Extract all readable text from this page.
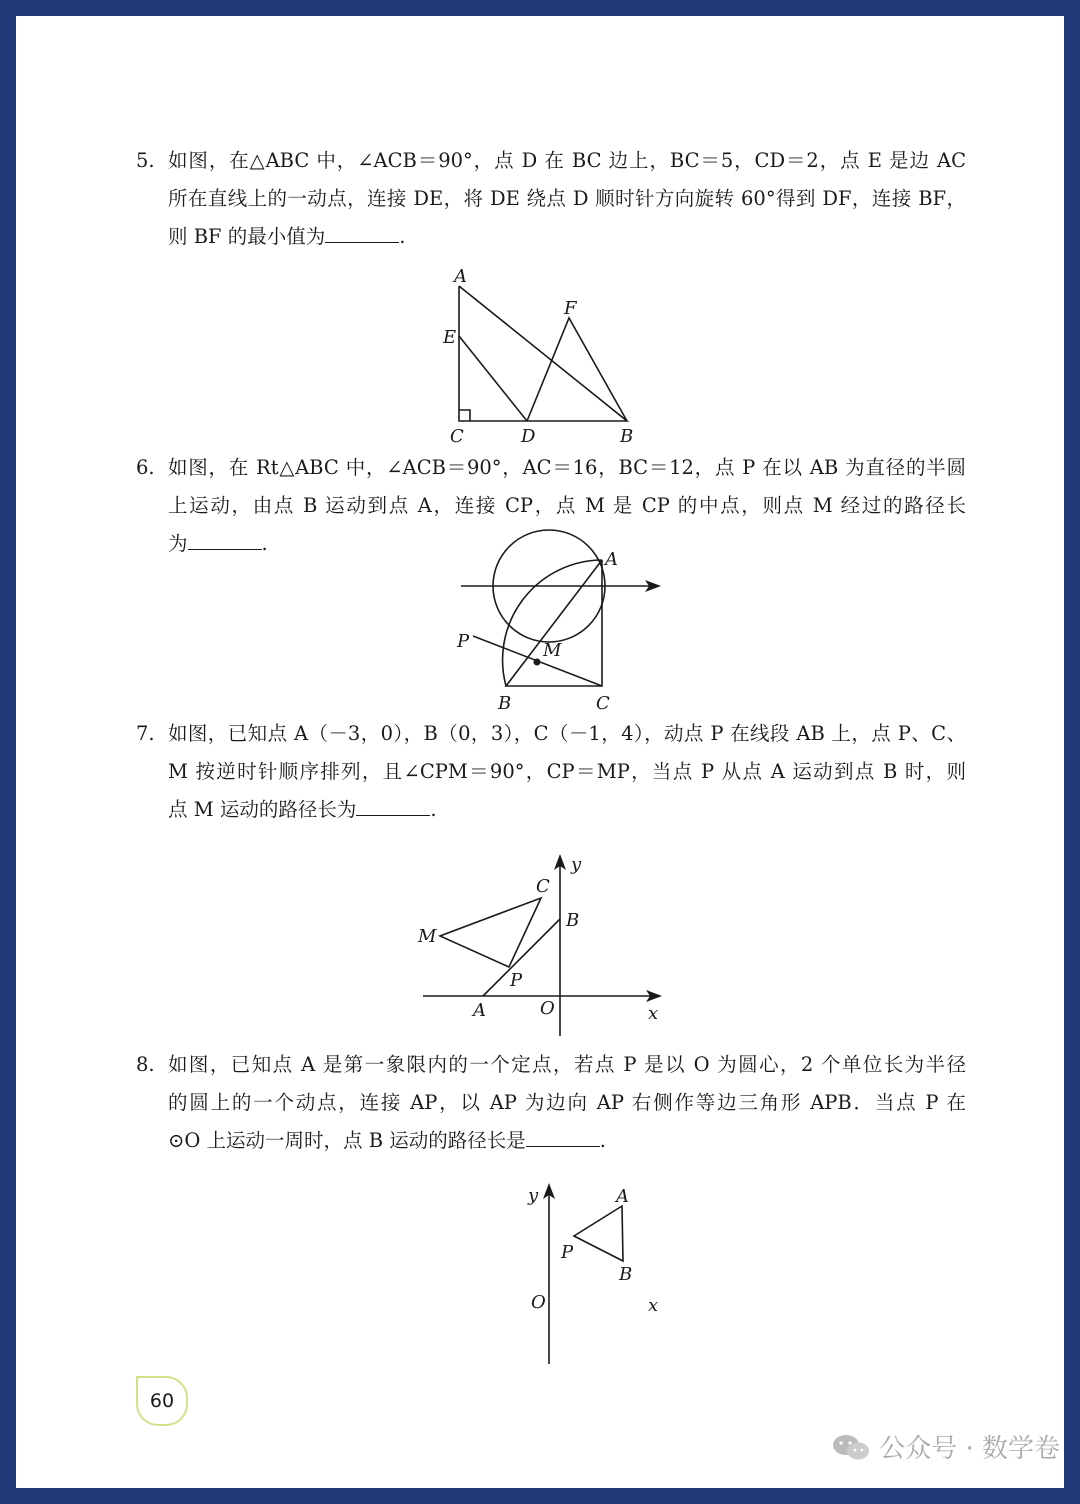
5. 如图，在△ABC 中，∠ACB＝90°，点 D 在 BC 边上，BC＝5，CD＝2，点 E 是边 AC
所在直线上的一动点，连接 DE，将 DE 绕点 D 顺时针方向旋转 60°得到 DF，连接 BF，
则 BF 的最小值为	.
A
E
F
C	D	B
6. 如图，在 Rt△ABC 中，∠ACB＝90°，AC＝16，BC＝12，点 P 在以 AB 为直径的半圆
上运动，由点 B 运动到点 A，连接 CP，点 M 是 CP 的中点，则点 M 经过的路径长
为	.
A
P	M
B	C
7. 如图，已知点 A（－3，0），B（0，3），C（－1，4），动点 P 在线段 AB 上，点 P、C、
M 按逆时针顺序排列，且∠CPM＝90°，CP＝MP，当点 P 从点 A 运动到点 B 时，则
点 M 运动的路径长为	.
y
C
B
M
P
A	O	x
8. 如图，已知点 A 是第一象限内的一个定点，若点 P 是以 O 为圆心，2 个单位长为半径
的圆上的一个动点，连接 AP，以 AP 为边向 AP 右侧作等边三角形 APB．当点 P 在
⊙O 上运动一周时，点 B 运动的路径长是	.
y	A
P
B
O	x
60
公众号 · 数学卷
